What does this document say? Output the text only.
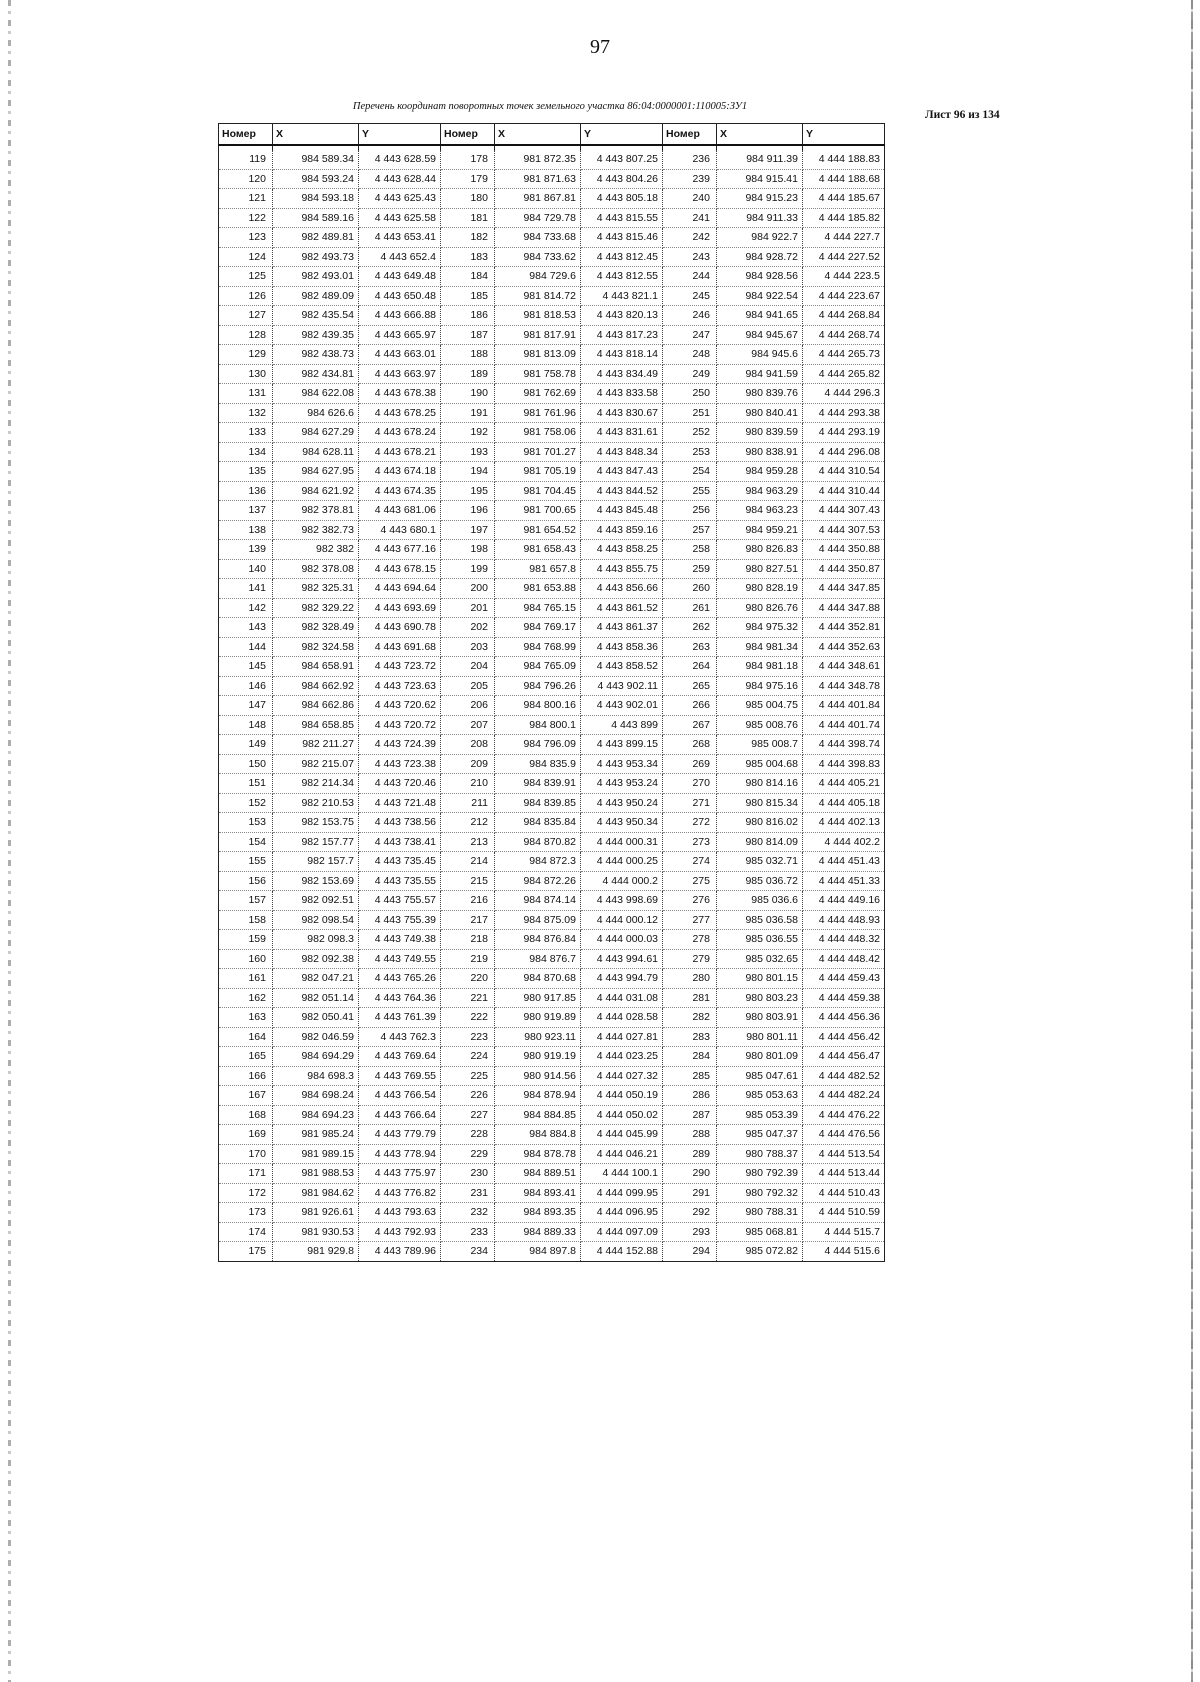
97
Перечень координат поворотных точек земельного участка 86:04:0000001:110005:ЗУ1
Лист 96 из 134
Номер	X	Y	Номер	X	Y	Номер	X	Y

119	984 589.34	4 443 628.59	178	981 872.35	4 443 807.25	236	984 911.39	4 444 188.83
120	984 593.24	4 443 628.44	179	981 871.63	4 443 804.26	239	984 915.41	4 444 188.68
121	984 593.18	4 443 625.43	180	981 867.81	4 443 805.18	240	984 915.23	4 444 185.67
122	984 589.16	4 443 625.58	181	984 729.78	4 443 815.55	241	984 911.33	4 444 185.82
123	982 489.81	4 443 653.41	182	984 733.68	4 443 815.46	242	984 922.7	4 444 227.7
124	982 493.73	4 443 652.4	183	984 733.62	4 443 812.45	243	984 928.72	4 444 227.52
125	982 493.01	4 443 649.48	184	984 729.6	4 443 812.55	244	984 928.56	4 444 223.5
126	982 489.09	4 443 650.48	185	981 814.72	4 443 821.1	245	984 922.54	4 444 223.67
127	982 435.54	4 443 666.88	186	981 818.53	4 443 820.13	246	984 941.65	4 444 268.84
128	982 439.35	4 443 665.97	187	981 817.91	4 443 817.23	247	984 945.67	4 444 268.74
129	982 438.73	4 443 663.01	188	981 813.09	4 443 818.14	248	984 945.6	4 444 265.73
130	982 434.81	4 443 663.97	189	981 758.78	4 443 834.49	249	984 941.59	4 444 265.82
131	984 622.08	4 443 678.38	190	981 762.69	4 443 833.58	250	980 839.76	4 444 296.3
132	984 626.6	4 443 678.25	191	981 761.96	4 443 830.67	251	980 840.41	4 444 293.38
133	984 627.29	4 443 678.24	192	981 758.06	4 443 831.61	252	980 839.59	4 444 293.19
134	984 628.11	4 443 678.21	193	981 701.27	4 443 848.34	253	980 838.91	4 444 296.08
135	984 627.95	4 443 674.18	194	981 705.19	4 443 847.43	254	984 959.28	4 444 310.54
136	984 621.92	4 443 674.35	195	981 704.45	4 443 844.52	255	984 963.29	4 444 310.44
137	982 378.81	4 443 681.06	196	981 700.65	4 443 845.48	256	984 963.23	4 444 307.43
138	982 382.73	4 443 680.1	197	981 654.52	4 443 859.16	257	984 959.21	4 444 307.53
139	982 382	4 443 677.16	198	981 658.43	4 443 858.25	258	980 826.83	4 444 350.88
140	982 378.08	4 443 678.15	199	981 657.8	4 443 855.75	259	980 827.51	4 444 350.87
141	982 325.31	4 443 694.64	200	981 653.88	4 443 856.66	260	980 828.19	4 444 347.85
142	982 329.22	4 443 693.69	201	984 765.15	4 443 861.52	261	980 826.76	4 444 347.88
143	982 328.49	4 443 690.78	202	984 769.17	4 443 861.37	262	984 975.32	4 444 352.81
144	982 324.58	4 443 691.68	203	984 768.99	4 443 858.36	263	984 981.34	4 444 352.63
145	984 658.91	4 443 723.72	204	984 765.09	4 443 858.52	264	984 981.18	4 444 348.61
146	984 662.92	4 443 723.63	205	984 796.26	4 443 902.11	265	984 975.16	4 444 348.78
147	984 662.86	4 443 720.62	206	984 800.16	4 443 902.01	266	985 004.75	4 444 401.84
148	984 658.85	4 443 720.72	207	984 800.1	4 443 899	267	985 008.76	4 444 401.74
149	982 211.27	4 443 724.39	208	984 796.09	4 443 899.15	268	985 008.7	4 444 398.74
150	982 215.07	4 443 723.38	209	984 835.9	4 443 953.34	269	985 004.68	4 444 398.83
151	982 214.34	4 443 720.46	210	984 839.91	4 443 953.24	270	980 814.16	4 444 405.21
152	982 210.53	4 443 721.48	211	984 839.85	4 443 950.24	271	980 815.34	4 444 405.18
153	982 153.75	4 443 738.56	212	984 835.84	4 443 950.34	272	980 816.02	4 444 402.13
154	982 157.77	4 443 738.41	213	984 870.82	4 444 000.31	273	980 814.09	4 444 402.2
155	982 157.7	4 443 735.45	214	984 872.3	4 444 000.25	274	985 032.71	4 444 451.43
156	982 153.69	4 443 735.55	215	984 872.26	4 444 000.2	275	985 036.72	4 444 451.33
157	982 092.51	4 443 755.57	216	984 874.14	4 443 998.69	276	985 036.6	4 444 449.16
158	982 098.54	4 443 755.39	217	984 875.09	4 444 000.12	277	985 036.58	4 444 448.93
159	982 098.3	4 443 749.38	218	984 876.84	4 444 000.03	278	985 036.55	4 444 448.32
160	982 092.38	4 443 749.55	219	984 876.7	4 443 994.61	279	985 032.65	4 444 448.42
161	982 047.21	4 443 765.26	220	984 870.68	4 443 994.79	280	980 801.15	4 444 459.43
162	982 051.14	4 443 764.36	221	980 917.85	4 444 031.08	281	980 803.23	4 444 459.38
163	982 050.41	4 443 761.39	222	980 919.89	4 444 028.58	282	980 803.91	4 444 456.36
164	982 046.59	4 443 762.3	223	980 923.11	4 444 027.81	283	980 801.11	4 444 456.42
165	984 694.29	4 443 769.64	224	980 919.19	4 444 023.25	284	980 801.09	4 444 456.47
166	984 698.3	4 443 769.55	225	980 914.56	4 444 027.32	285	985 047.61	4 444 482.52
167	984 698.24	4 443 766.54	226	984 878.94	4 444 050.19	286	985 053.63	4 444 482.24
168	984 694.23	4 443 766.64	227	984 884.85	4 444 050.02	287	985 053.39	4 444 476.22
169	981 985.24	4 443 779.79	228	984 884.8	4 444 045.99	288	985 047.37	4 444 476.56
170	981 989.15	4 443 778.94	229	984 878.78	4 444 046.21	289	980 788.37	4 444 513.54
171	981 988.53	4 443 775.97	230	984 889.51	4 444 100.1	290	980 792.39	4 444 513.44
172	981 984.62	4 443 776.82	231	984 893.41	4 444 099.95	291	980 792.32	4 444 510.43
173	981 926.61	4 443 793.63	232	984 893.35	4 444 096.95	292	980 788.31	4 444 510.59
174	981 930.53	4 443 792.93	233	984 889.33	4 444 097.09	293	985 068.81	4 444 515.7
175	981 929.8	4 443 789.96	234	984 897.8	4 444 152.88	294	985 072.82	4 444 515.6
